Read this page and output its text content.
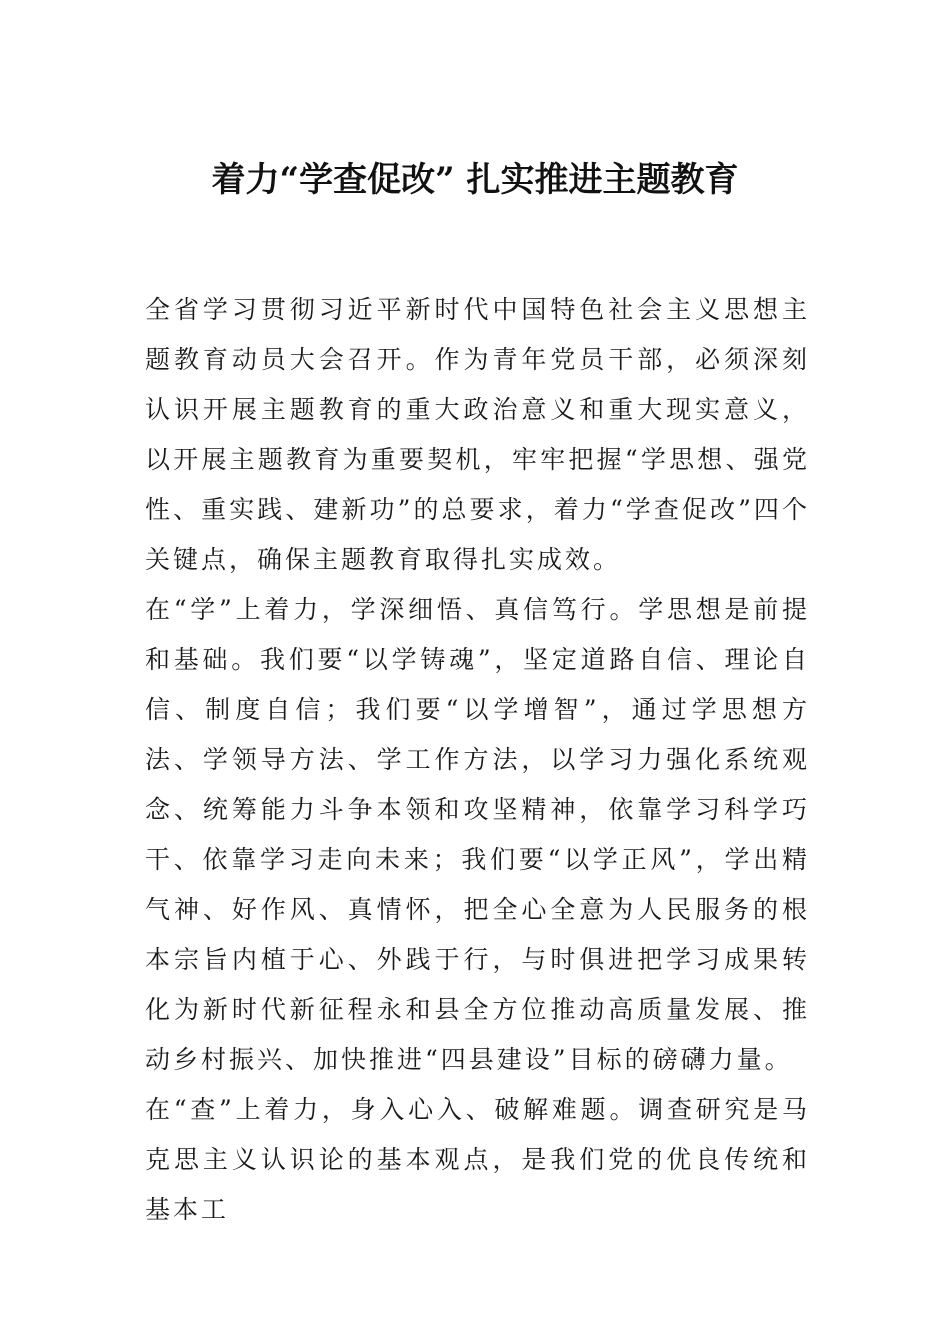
着力“学查促改” 扎实推进主题教育

全省学习贯彻习近平新时代中国特色社会主义思想主题教育动员大会召开。作为青年党员干部，必须深刻认识开展主题教育的重大政治意义和重大现实意义，以开展主题教育为重要契机，牢牢把握“学思想、强党性、重实践、建新功”的总要求，着力“学查促改”四个关键点，确保主题教育取得扎实成效。

在“学”上着力，学深细悟、真信笃行。学思想是前提和基础。我们要“以学铸魂”，坚定道路自信、理论自信、制度自信；我们要“以学增智”，通过学思想方法、学领导方法、学工作方法，以学习力强化系统观念、统筹能力斗争本领和攻坚精神，依靠学习科学巧干、依靠学习走向未来；我们要“以学正风”，学出精气神、好作风、真情怀，把全心全意为人民服务的根本宗旨内植于心、外践于行，与时俱进把学习成果转化为新时代新征程永和县全方位推动高质量发展、推动乡村振兴、加快推进“四县建设”目标的磅礴力量。

在“查”上着力，身入心入、破解难题。调查研究是马克思主义认识论的基本观点，是我们党的优良传统和基本工
